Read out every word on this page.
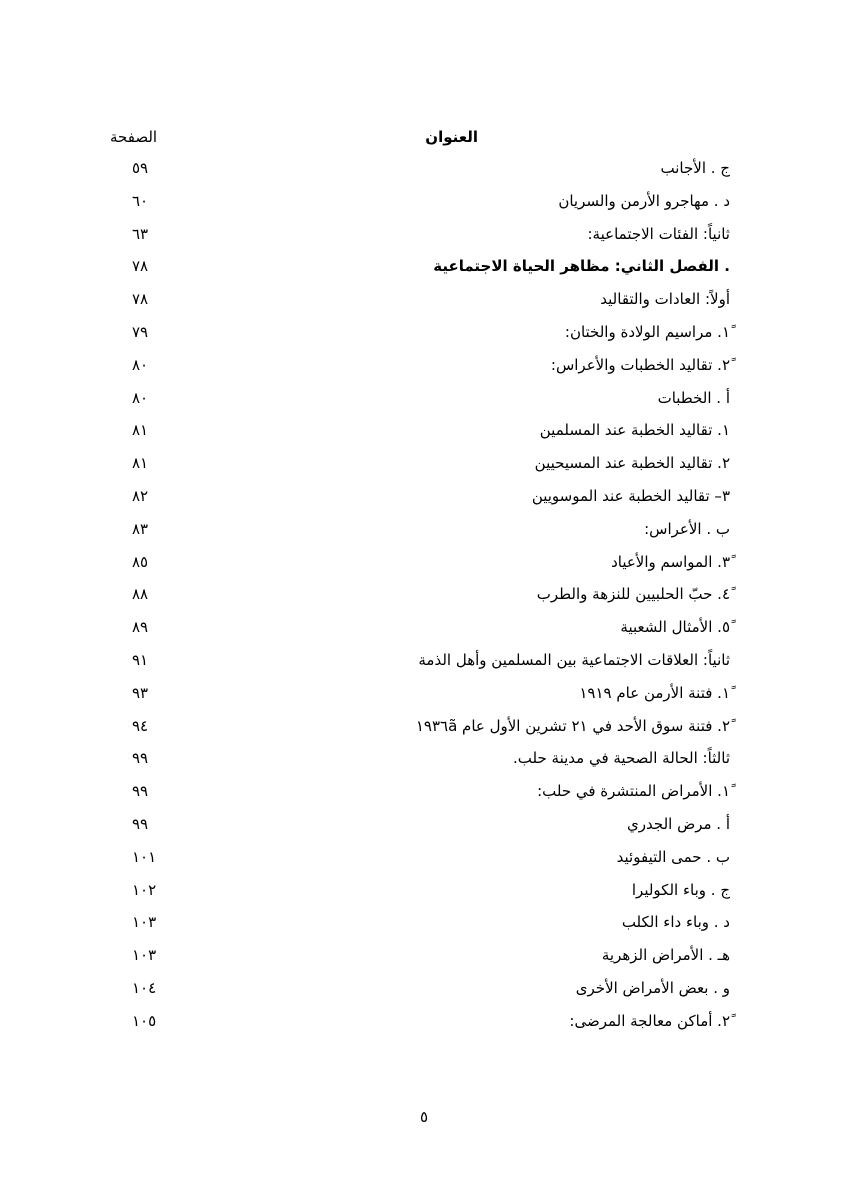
العنوان
الصفحة
ج . الأجانب
٥٩
د . مهاجرو الأرمن والسريان
٦٠
ثانياً: الفئات الاجتماعية:
٦٣
. الفصل الثاني: مظاهر الحياة الاجتماعية
٧٨
أولاً: العادات والتقاليد
٧٨
ً١. مراسيم الولادة والختان:
٧٩
ً٢. تقاليد الخطبات والأعراس:
٨٠
أ . الخطبات
٨٠
١. تقاليد الخطبة عند المسلمين
٨١
٢. تقاليد الخطبة عند المسيحيين
٨١
٣– تقاليد الخطبة عند الموسويين
٨٢
ب . الأعراس:
٨٣
ً٣. المواسم والأعياد
٨٥
ً٤. حبّ الحلبيين للنزهة والطرب
٨٨
ً٥. الأمثال الشعبية
٨٩
ثانياً: العلاقات الاجتماعية بين المسلمين وأهل الذمة
٩١
ً١. فتنة الأرمن عام ١٩١٩
٩٣
ً٢. فتنة سوق الأحد في ٢١ تشرين الأول عام ١٩٣٦ã
٩٤
ثالثاً: الحالة الصحية في مدينة حلب.
٩٩
ً١. الأمراض المنتشرة في حلب:
٩٩
أ . مرض الجدري
٩٩
ب . حمى التيفوئيد
١٠١
ج . وباء الكوليرا
١٠٢
د . وباء داء الكلب
١٠٣
هـ . الأمراض الزهرية
١٠٣
و . بعض الأمراض الأخرى
١٠٤
ً٢. أماكن معالجة المرضى:
١٠٥
٥
